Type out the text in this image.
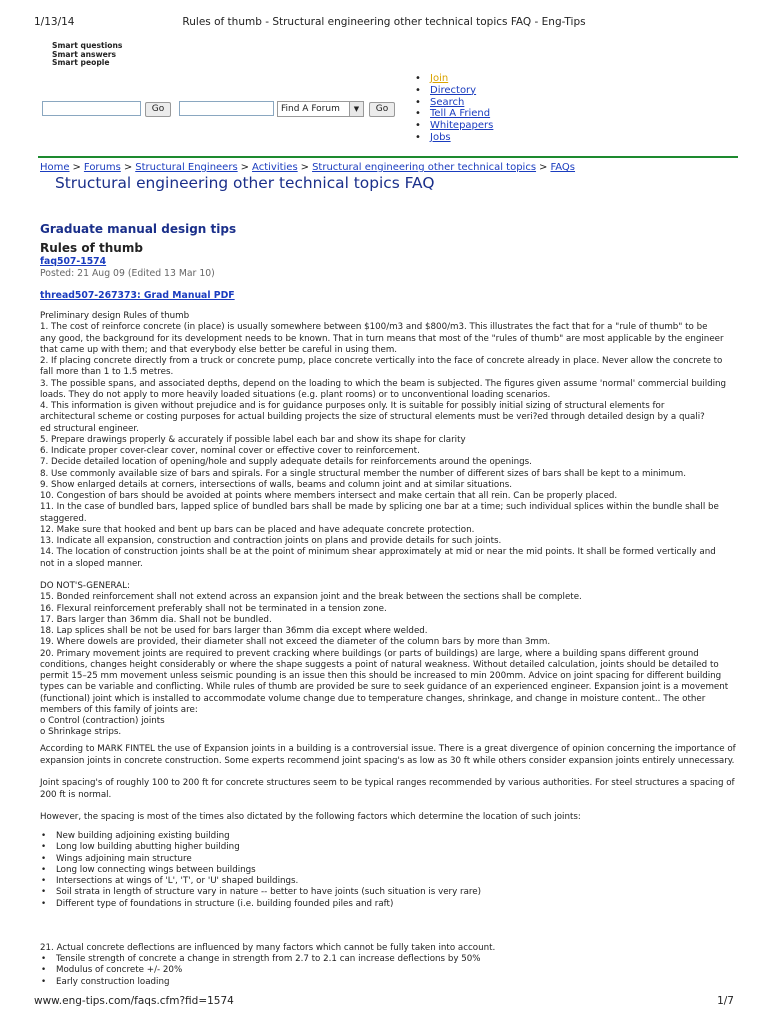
1/13/14	Rules of thumb - Structural engineering other technical topics FAQ - Eng-Tips
Smart questions
Smart answers
Smart people
Go	Find A Forum	▼	Go
• Join
• Directory
• Search
• Tell A Friend
• Whitepapers
• Jobs
Home > Forums > Structural Engineers > Activities > Structural engineering other technical topics > FAQs
Structural engineering other technical topics FAQ
Graduate manual design tips
Rules of thumb
faq507-1574
Posted: 21 Aug 09 (Edited 13 Mar 10)
thread507-267373: Grad Manual PDF
Preliminary design Rules of thumb
1. The cost of reinforce concrete (in place) is usually somewhere between $100/m3 and $800/m3. This illustrates the fact that for a "rule of thumb" to be
any good, the background for its development needs to be known. That in turn means that most of the "rules of thumb" are most applicable by the engineer
that came up with them; and that everybody else better be careful in using them.
2. If placing concrete directly from a truck or concrete pump, place concrete vertically into the face of concrete already in place. Never allow the concrete to
fall more than 1 to 1.5 metres.
3. The possible spans, and associated depths, depend on the loading to which the beam is subjected. The figures given assume 'normal' commercial building
loads. They do not apply to more heavily loaded situations (e.g. plant rooms) or to unconventional loading scenarios.
4. This information is given without prejudice and is for guidance purposes only. It is suitable for possibly initial sizing of structural elements for
architectural scheme or costing purposes for actual building projects the size of structural elements must be veri?ed through detailed design by a quali?
ed structural engineer.
5. Prepare drawings properly & accurately if possible label each bar and show its shape for clarity
6. Indicate proper cover-clear cover, nominal cover or effective cover to reinforcement.
7. Decide detailed location of opening/hole and supply adequate details for reinforcements around the openings.
8. Use commonly available size of bars and spirals. For a single structural member the number of different sizes of bars shall be kept to a minimum.
9. Show enlarged details at corners, intersections of walls, beams and column joint and at similar situations.
10. Congestion of bars should be avoided at points where members intersect and make certain that all rein. Can be properly placed.
11. In the case of bundled bars, lapped splice of bundled bars shall be made by splicing one bar at a time; such individual splices within the bundle shall be
staggered.
12. Make sure that hooked and bent up bars can be placed and have adequate concrete protection.
13. Indicate all expansion, construction and contraction joints on plans and provide details for such joints.
14. The location of construction joints shall be at the point of minimum shear approximately at mid or near the mid points. It shall be formed vertically and
not in a sloped manner.
DO NOT'S-GENERAL:
15. Bonded reinforcement shall not extend across an expansion joint and the break between the sections shall be complete.
16. Flexural reinforcement preferably shall not be terminated in a tension zone.
17. Bars larger than 36mm dia. Shall not be bundled.
18. Lap splices shall be not be used for bars larger than 36mm dia except where welded.
19. Where dowels are provided, their diameter shall not exceed the diameter of the column bars by more than 3mm.
20. Primary movement joints are required to prevent cracking where buildings (or parts of buildings) are large, where a building spans different ground
conditions, changes height considerably or where the shape suggests a point of natural weakness. Without detailed calculation, joints should be detailed to
permit 15–25 mm movement unless seismic pounding is an issue then this should be increased to min 200mm. Advice on joint spacing for different building
types can be variable and conflicting. While rules of thumb are provided be sure to seek guidance of an experienced engineer. Expansion joint is a movement
(functional) joint which is installed to accommodate volume change due to temperature changes, shrinkage, and change in moisture content.. The other
members of this family of joints are:
o Control (contraction) joints
o Shrinkage strips.
According to MARK FINTEL the use of Expansion joints in a building is a controversial issue. There is a great divergence of opinion concerning the importance of
expansion joints in concrete construction. Some experts recommend joint spacing's as low as 30 ft while others consider expansion joints entirely unnecessary.
Joint spacing's of roughly 100 to 200 ft for concrete structures seem to be typical ranges recommended by various authorities. For steel structures a spacing of
200 ft is normal.
However, the spacing is most of the times also dictated by the following factors which determine the location of such joints:
• New building adjoining existing building
• Long low building abutting higher building
• Wings adjoining main structure
• Long low connecting wings between buildings
• Intersections at wings of 'L', 'T', or 'U' shaped buildings.
• Soil strata in length of structure vary in nature -- better to have joints (such situation is very rare)
• Different type of foundations in structure (i.e. building founded piles and raft)
21. Actual concrete deflections are influenced by many factors which cannot be fully taken into account.
• Tensile strength of concrete a change in strength from 2.7 to 2.1 can increase deflections by 50%
• Modulus of concrete +/- 20%
• Early construction loading
www.eng-tips.com/faqs.cfm?fid=1574	1/7
